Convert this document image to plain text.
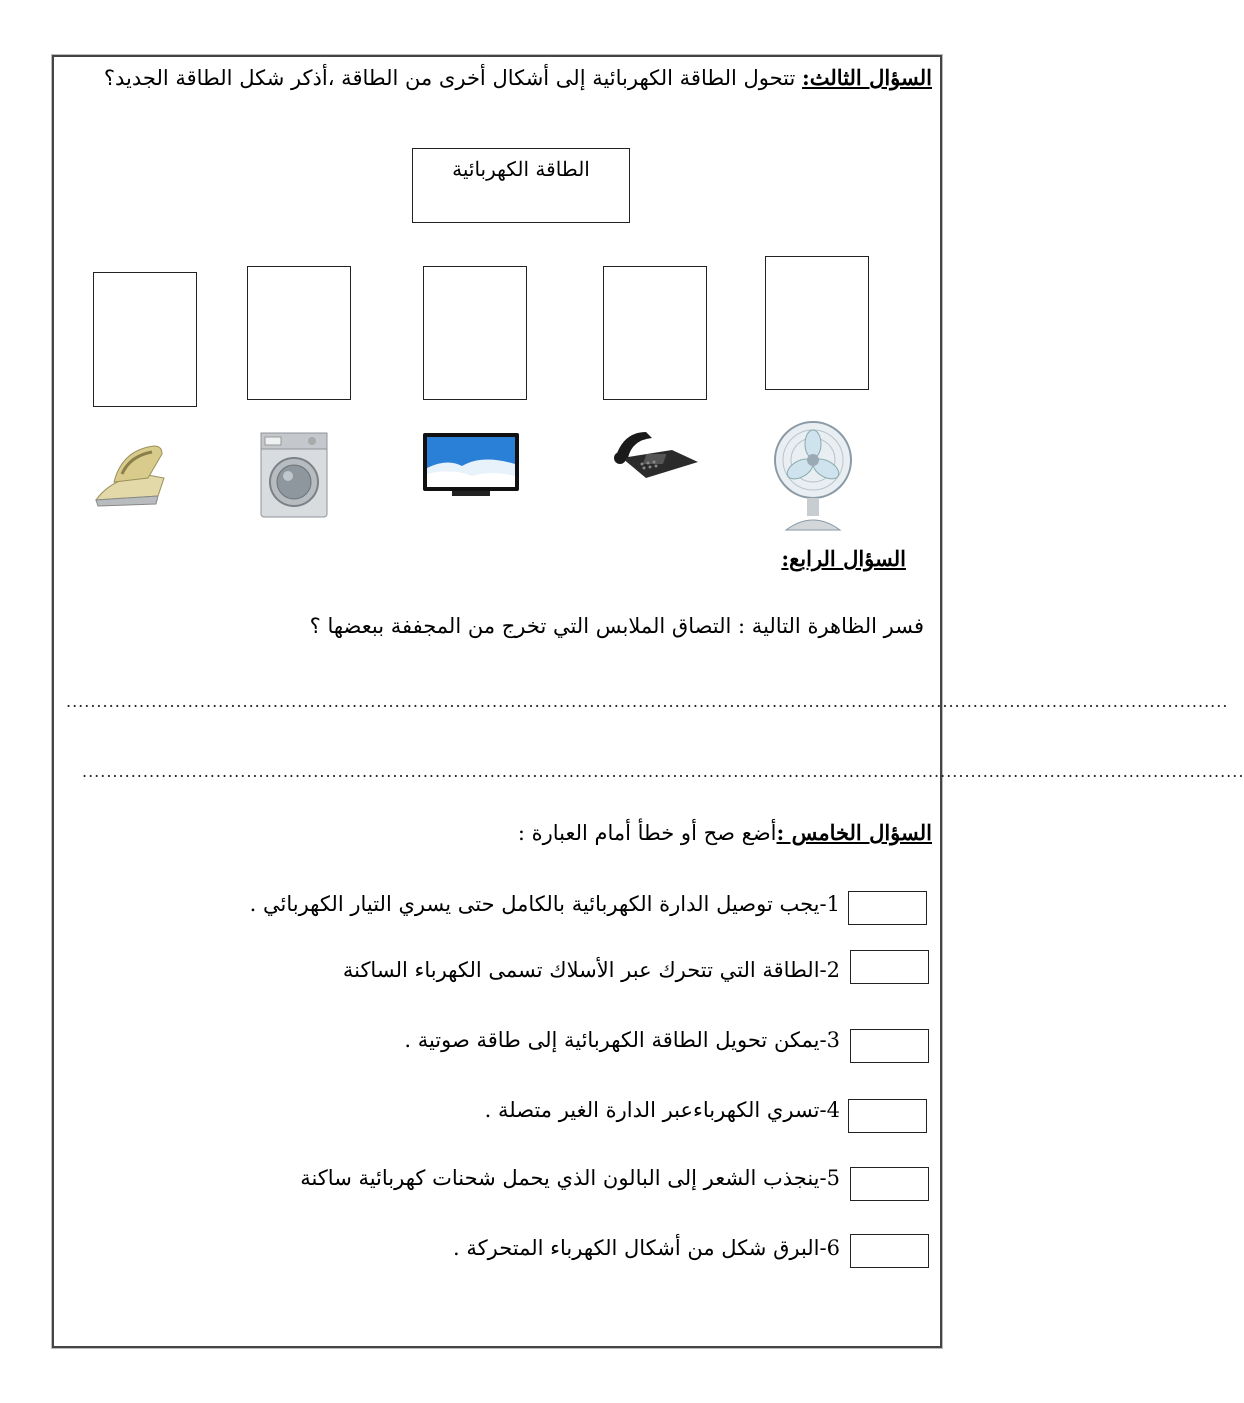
السؤال الثالث: تتحول الطاقة الكهربائية إلى أشكال أخرى من الطاقة ،أذكر شكل الطاقة الجديد؟
الطاقة الكهربائية
السؤال الرابع:
فسر الظاهرة التالية : التصاق الملابس التي تخرج من المجففة ببعضها ؟
...............................................................................................................................................................................................
...............................................................................................................................................................................................
السؤال الخامس :أضع صح أو خطأ أمام العبارة :
1-يجب توصيل الدارة الكهربائية بالكامل حتى يسري التيار الكهربائي .
2-الطاقة التي تتحرك عبر الأسلاك تسمى الكهرباء الساكنة
3-يمكن تحويل الطاقة الكهربائية إلى طاقة صوتية .
4-تسري الكهرباءعبر الدارة الغير متصلة .
5-ينجذب الشعر إلى البالون الذي يحمل شحنات كهربائية ساكنة
6-البرق شكل من أشكال الكهرباء المتحركة .
